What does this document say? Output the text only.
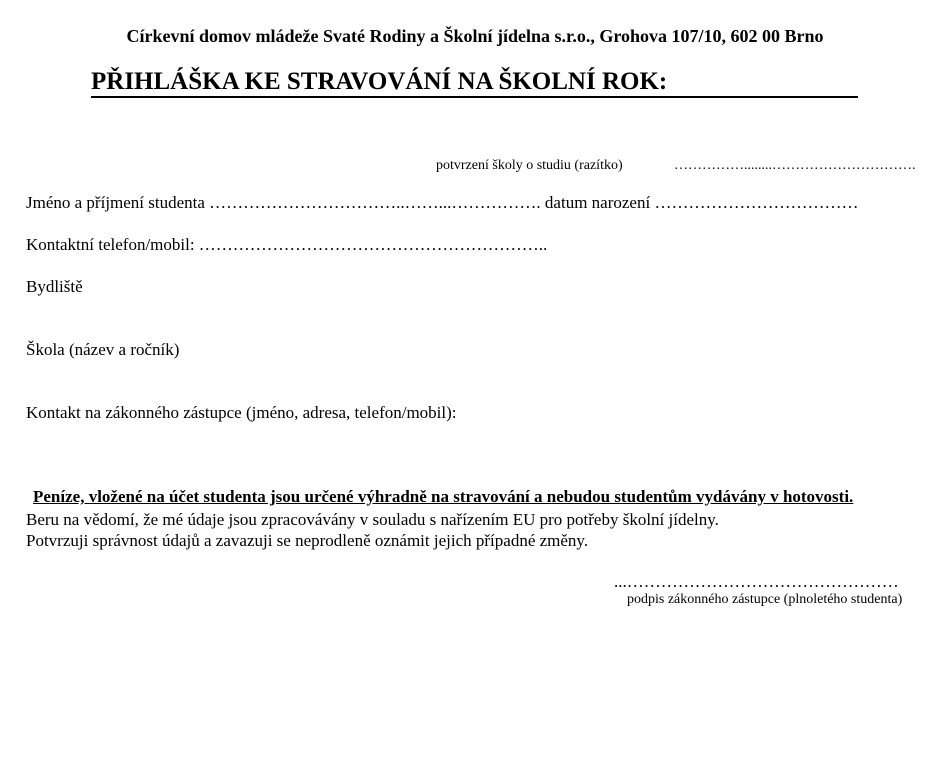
Církevní domov mládeže Svaté Rodiny a Školní jídelna s.r.o., Grohova 107/10, 602 00 Brno
PŘIHLÁŠKA KE STRAVOVÁNÍ NA ŠKOLNÍ ROK:
potvrzení školy o studiu (razítko)	……………........………………………….
Jméno a příjmení studenta ……………………………..……...……………. datum narození ………………………………
Kontaktní telefon/mobil: ……………………………………………………..
Bydliště
Škola (název a ročník)
Kontakt na zákonného zástupce (jméno, adresa, telefon/mobil):
Peníze, vložené na účet studenta jsou určené výhradně na stravování a nebudou studentům vydávány v hotovosti.
Beru na vědomí, že mé údaje jsou zpracovávány v souladu s nařízením EU pro potřeby školní jídelny.
Potvrzuji správnost údajů a zavazuji se neprodleně oznámit jejich případné změny.
...…………………………………………
podpis zákonného zástupce (plnoletého studenta)
